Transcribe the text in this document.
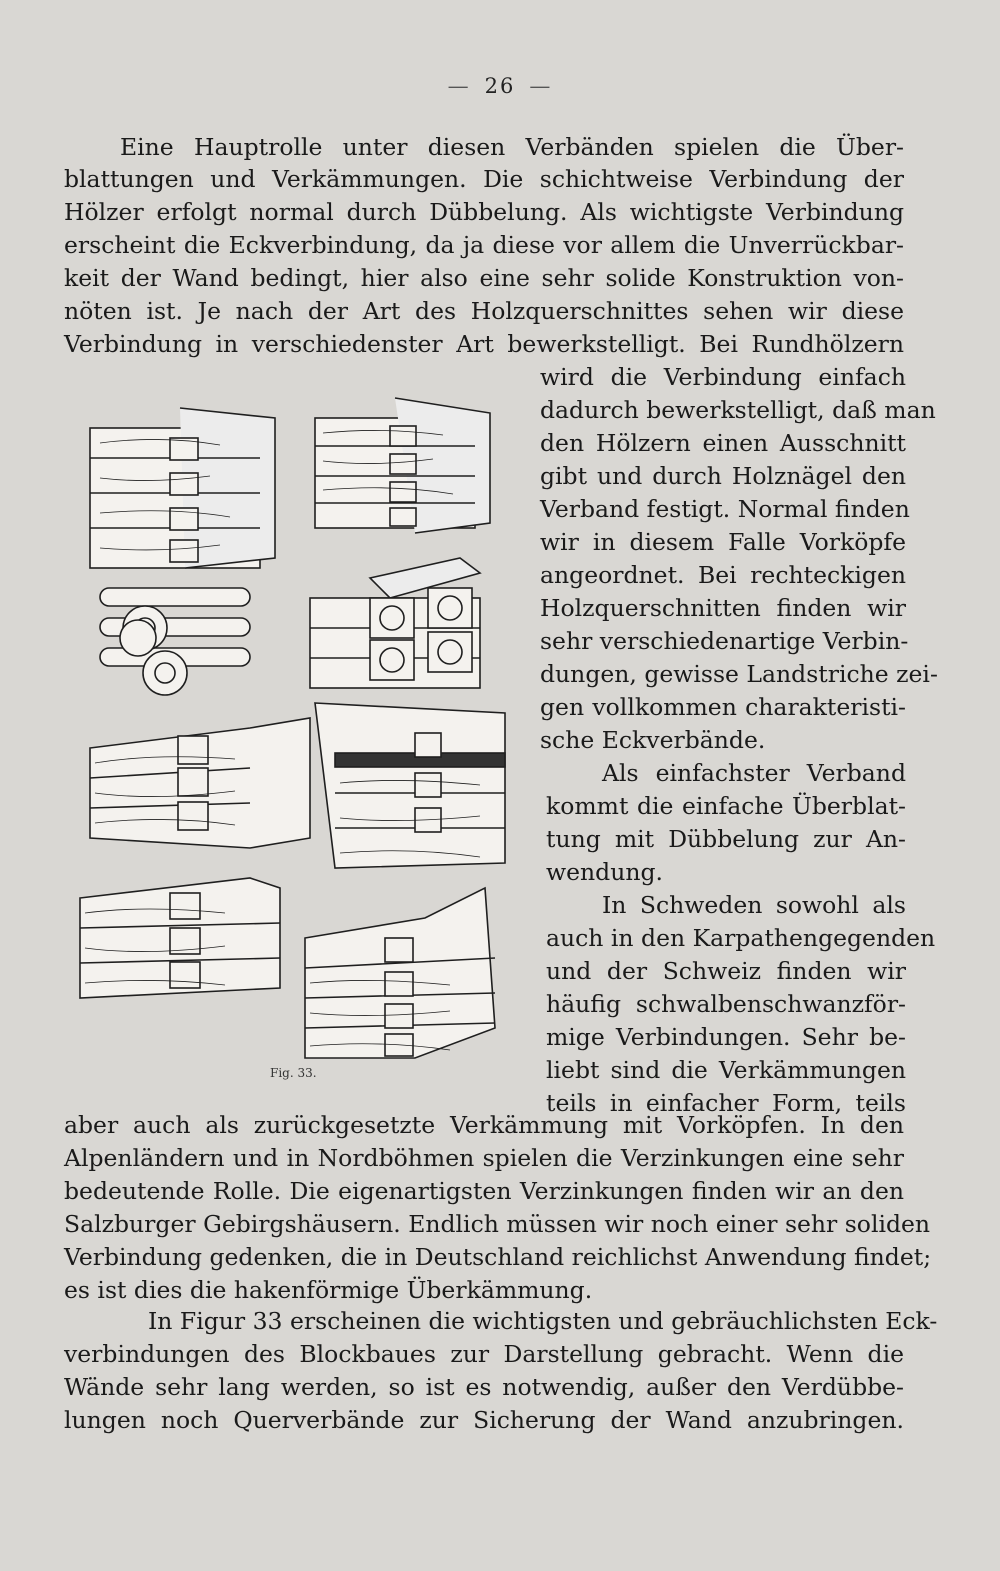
— 26 —
Eine Hauptrolle unter diesen Verbänden spielen die Über-
blattungen und Verkämmungen. Die schichtweise Verbindung der
Hölzer erfolgt normal durch Dübbelung. Als wichtigste Verbindung
erscheint die Eckverbindung, da ja diese vor allem die Unverrückbar-
keit der Wand bedingt, hier also eine sehr solide Konstruktion von-
nöten ist. Je nach der Art des Holzquerschnittes sehen wir diese
Verbindung in verschiedenster Art bewerkstelligt. Bei Rundhölzern
wird die Verbindung einfach
dadurch bewerkstelligt, daß man
den Hölzern einen Ausschnitt
gibt und durch Holznägel den
Verband festigt. Normal finden
wir in diesem Falle Vorköpfe
angeordnet. Bei rechteckigen
Holzquerschnitten finden wir
sehr verschiedenartige Verbin-
dungen, gewisse Landstriche zei-
gen vollkommen charakteristi-
sche Eckverbände.
Als einfachster Verband
kommt die einfache Überblat-
tung mit Dübbelung zur An-
wendung.
In Schweden sowohl als
auch in den Karpathengegenden
und der Schweiz finden wir
häufig schwalbenschwanzför-
mige Verbindungen. Sehr be-
liebt sind die Verkämmungen
teils in einfacher Form, teils
Fig. 33.
aber auch als zurückgesetzte Verkämmung mit Vorköpfen. In den
Alpenländern und in Nordböhmen spielen die Verzinkungen eine sehr
bedeutende Rolle. Die eigenartigsten Verzinkungen finden wir an den
Salzburger Gebirgshäusern. Endlich müssen wir noch einer sehr soliden
Verbindung gedenken, die in Deutschland reichlichst Anwendung findet;
es ist dies die hakenförmige Überkämmung.
In Figur 33 erscheinen die wichtigsten und gebräuchlichsten Eck-
verbindungen des Blockbaues zur Darstellung gebracht. Wenn die
Wände sehr lang werden, so ist es notwendig, außer den Verdübbe-
lungen noch Querverbände zur Sicherung der Wand anzubringen.
